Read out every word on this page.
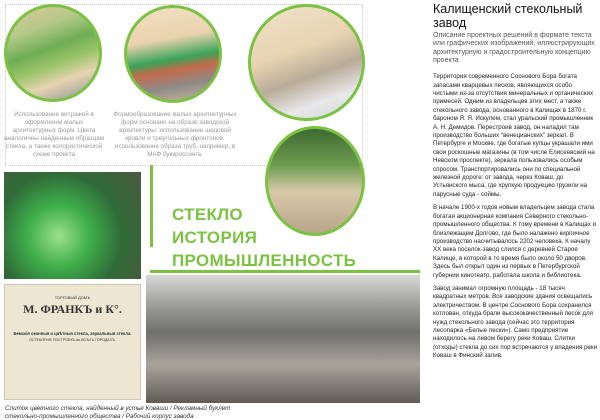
Использование витражей в оформлении малых архитектурных форм. Цвета аналогичны найденным образцам стекла, а также колористической схеме проекта
Формообразование малых архитектурных форм основано на образе заводской архитектуры: использование шедовой кровли и треугольных фронтонов, использование образа труб, например, в МАФ буккроссинга.
ТОРГОВЫЙ ДОМЪ
М. ФРАНКЪ и К°.
Бемскія оконныя и цвѣтныя стекла, зеркальныя стекла.
ОСТЕКЛЕНІЕ ПОСТРОЕКЪ во ВСѢХЪ ГОРОДАХЪ.
СТЕКЛО
ИСТОРИЯ
ПРОМЫШЛЕННОСТЬ
Слиток цветного стекла, найденный в устье Коваши / Рекламный буклет стекольно-промышленного общества / Рабочий корпус завода
Калищенский стекольный завод
Описание проектных решений в формате текста или графических изображений, иллюстрирующих архитектурную и градостроительную концепцию проекта
Территория современного Соснового Бора богата запасами кварцевых песков, являющихся особо чистыми из-за отсутствия минеральных и органических примесей. Одним из владельцев этих мест, а также стекольного завода, основанного в Калищах в 1870 г. бароном Я. Я. Искулем, стал уральский промышленник А. Н. Демидов. Перестроив завод, он наладил там производство больших "венецианских" зеркал. В Петербурге и Москве, где богатые купцы украшали ими свои роскошные магазины (в том числе Елисеевский на Невском проспекте), зеркала пользовались особым спросом. Транспортировались они по специальной железной дороге: от завода, через Коваш, до Устьянского мыса, где хрупкую продукцию грузили на парусные суда - соймы.
В начале 1900-х годов новым владельцем завода стала богатая акционерная компания Северного стекольно-промышленного общества. К тому времени в Калищах и близлежащем Долгово, где было налажено кирпичное производство насчитывалось 2202 человека. К началу XX века поселок-завод слился с деревней Старое Калище, в которой в то время было около 50 дворов. Здесь был открыт один из первых в Петербургской губернии кинотеатр, работала школа и библиотека.
Завод занимал огромную площадь - 18 тысяч квадратных метров. Все заводские здания освещались электричеством. В центре Соснового Бора сохранился котлован, откуда брали высококачественный песок для нужд стекольного завода (сейчас это территория лесопарка «Белые пески»). Само предприятие находилось на левом берегу реки Коваш. Слитки (отходы) стекла до сих пор встречаются у впадения реки Коваш в Финский залив.
